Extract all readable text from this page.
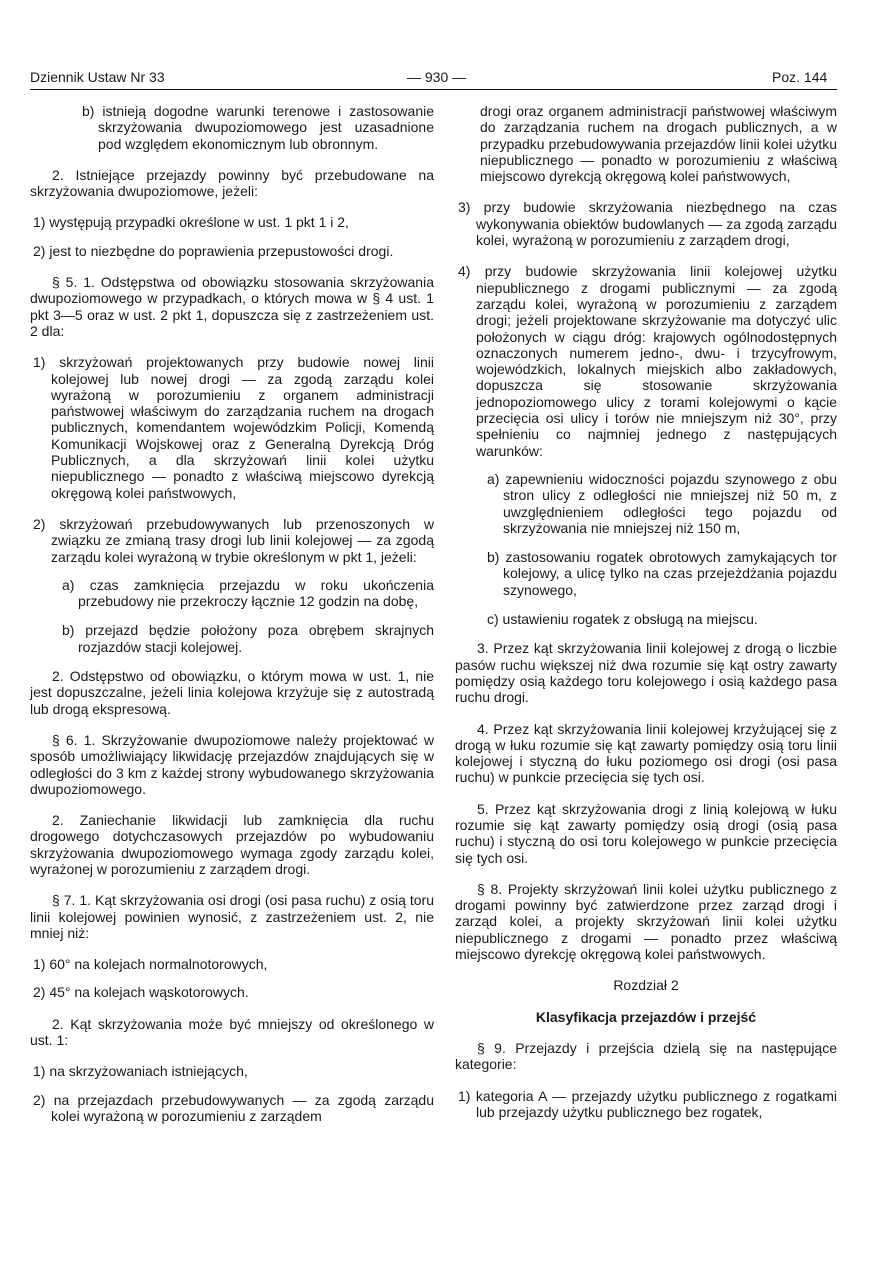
Dziennik Ustaw Nr 33	— 930 —	Poz. 144

b) istnieją dogodne warunki terenowe i zastosowanie skrzyżowania dwupoziomowego jest uzasadnione pod względem ekonomicznym lub obronnym.

2. Istniejące przejazdy powinny być przebudowane na skrzyżowania dwupoziomowe, jeżeli:

1) występują przypadki określone w ust. 1 pkt 1 i 2,

2) jest to niezbędne do poprawienia przepustowości drogi.

§ 5. 1. Odstępstwa od obowiązku stosowania skrzyżowania dwupoziomowego w przypadkach, o których mowa w § 4 ust. 1 pkt 3—5 oraz w ust. 2 pkt 1, dopuszcza się z zastrzeżeniem ust. 2 dla:

1) skrzyżowań projektowanych przy budowie nowej linii kolejowej lub nowej drogi — za zgodą zarządu kolei wyrażoną w porozumieniu z organem administracji państwowej właściwym do zarządzania ruchem na drogach publicznych, komendantem wojewódzkim Policji, Komendą Komunikacji Wojskowej oraz z Generalną Dyrekcją Dróg Publicznych, a dla skrzyżowań linii kolei użytku niepublicznego — ponadto z właściwą miejscowo dyrekcją okręgową kolei państwowych,

2) skrzyżowań przebudowywanych lub przenoszonych w związku ze zmianą trasy drogi lub linii kolejowej — za zgodą zarządu kolei wyrażoną w trybie określonym w pkt 1, jeżeli:

a) czas zamknięcia przejazdu w roku ukończenia przebudowy nie przekroczy łącznie 12 godzin na dobę,

b) przejazd będzie położony poza obrębem skrajnych rozjazdów stacji kolejowej.

2. Odstępstwo od obowiązku, o którym mowa w ust. 1, nie jest dopuszczalne, jeżeli linia kolejowa krzyżuje się z autostradą lub drogą ekspresową.

§ 6. 1. Skrzyżowanie dwupoziomowe należy projektować w sposób umożliwiający likwidację przejazdów znajdujących się w odległości do 3 km z każdej strony wybudowanego skrzyżowania dwupoziomowego.

2. Zaniechanie likwidacji lub zamknięcia dla ruchu drogowego dotychczasowych przejazdów po wybudowaniu skrzyżowania dwupoziomowego wymaga zgody zarządu kolei, wyrażonej w porozumieniu z zarządem drogi.

§ 7. 1. Kąt skrzyżowania osi drogi (osi pasa ruchu) z osią toru linii kolejowej powinien wynosić, z zastrzeżeniem ust. 2, nie mniej niż:

1) 60° na kolejach normalnotorowych,

2) 45° na kolejach wąskotorowych.

2. Kąt skrzyżowania może być mniejszy od określonego w ust. 1:

1) na skrzyżowaniach istniejących,

2) na przejazdach przebudowywanych — za zgodą zarządu kolei wyrażoną w porozumieniu z zarządem

drogi oraz organem administracji państwowej właściwym do zarządzania ruchem na drogach publicznych, a w przypadku przebudowywania przejazdów linii kolei użytku niepublicznego — ponadto w porozumieniu z właściwą miejscowo dyrekcją okręgową kolei państwowych,

3) przy budowie skrzyżowania niezbędnego na czas wykonywania obiektów budowlanych — za zgodą zarządu kolei, wyrażoną w porozumieniu z zarządem drogi,

4) przy budowie skrzyżowania linii kolejowej użytku niepublicznego z drogami publicznymi — za zgodą zarządu kolei, wyrażoną w porozumieniu z zarządem drogi; jeżeli projektowane skrzyżowanie ma dotyczyć ulic położonych w ciągu dróg: krajowych ogólnodostępnych oznaczonych numerem jedno-, dwu- i trzycyfrowym, wojewódzkich, lokalnych miejskich albo zakładowych, dopuszcza się stosowanie skrzyżowania jednopoziomowego ulicy z torami kolejowymi o kącie przecięcia osi ulicy i torów nie mniejszym niż 30°, przy spełnieniu co najmniej jednego z następujących warunków:

a) zapewnieniu widoczności pojazdu szynowego z obu stron ulicy z odległości nie mniejszej niż 50 m, z uwzględnieniem odległości tego pojazdu od skrzyżowania nie mniejszej niż 150 m,

b) zastosowaniu rogatek obrotowych zamykających tor kolejowy, a ulicę tylko na czas przejeżdżania pojazdu szynowego,

c) ustawieniu rogatek z obsługą na miejscu.

3. Przez kąt skrzyżowania linii kolejowej z drogą o liczbie pasów ruchu większej niż dwa rozumie się kąt ostry zawarty pomiędzy osią każdego toru kolejowego i osią każdego pasa ruchu drogi.

4. Przez kąt skrzyżowania linii kolejowej krzyżującej się z drogą w łuku rozumie się kąt zawarty pomiędzy osią toru linii kolejowej i styczną do łuku poziomego osi drogi (osi pasa ruchu) w punkcie przecięcia się tych osi.

5. Przez kąt skrzyżowania drogi z linią kolejową w łuku rozumie się kąt zawarty pomiędzy osią drogi (osią pasa ruchu) i styczną do osi toru kolejowego w punkcie przecięcia się tych osi.

§ 8. Projekty skrzyżowań linii kolei użytku publicznego z drogami powinny być zatwierdzone przez zarząd drogi i zarząd kolei, a projekty skrzyżowań linii kolei użytku niepublicznego z drogami — ponadto przez właściwą miejscowo dyrekcję okręgową kolei państwowych.

Rozdział 2

Klasyfikacja przejazdów i przejść

§ 9. Przejazdy i przejścia dzielą się na następujące kategorie:

1) kategoria A — przejazdy użytku publicznego z rogatkami lub przejazdy użytku publicznego bez rogatek,
